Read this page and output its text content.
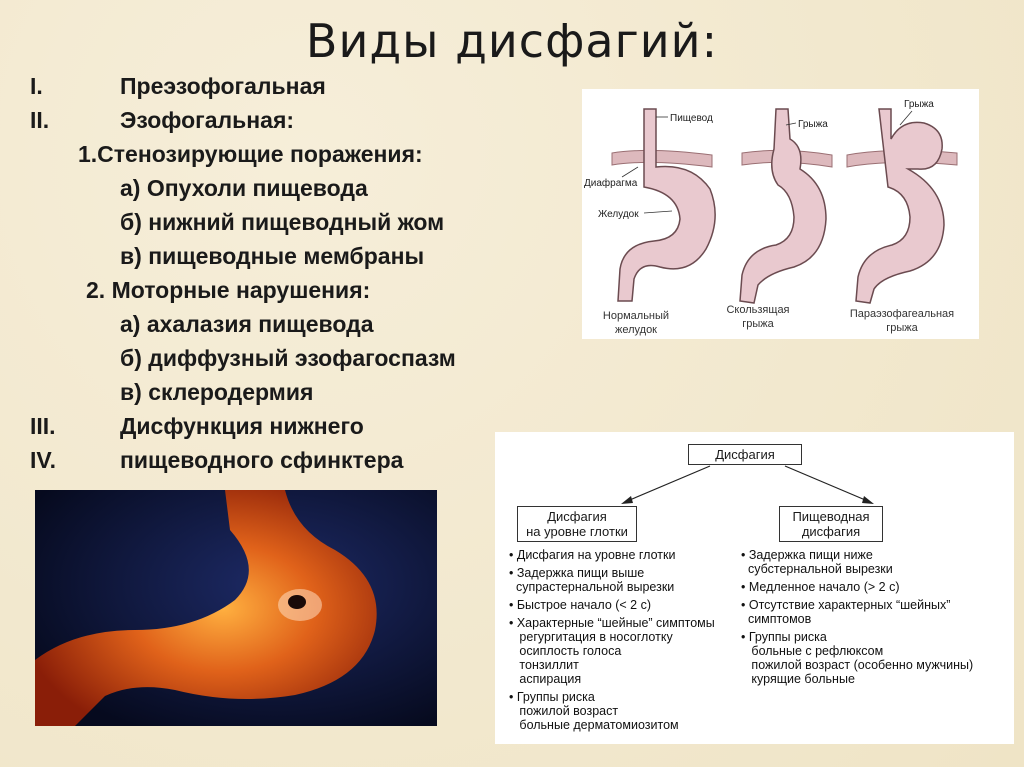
Виды дисфагий:
I.	Преэзофогальная
II.	Эзофогальная:
1.Стенозирующие поражения:
а) Опухоли пищевода
б) нижний пищеводный жом
в) пищеводные мембраны
2. Моторные нарушения:
а) ахалазия пищевода
б) диффузный эзофагоспазм
в) склеродермия
III.	Дисфункция нижнего
IV.	пищеводного сфинктера
Пищевод
Грыжа
Грыжа
Диафрагма
Желудок
Нормальный
желудок
Скользящая
грыжа
Параэзофагеальная
грыжа
Дисфагия
Дисфагия
на уровне глотки
Пищеводная
дисфагия
• Дисфагия на уровне глотки
• Задержка пищи выше
супрастернальной вырезки
• Быстрое начало (< 2 с)
• Характерные “шейные” симптомы
регургитация в носоглотку
осиплость голоса
тонзиллит
аспирация
• Группы риска
пожилой возраст
больные дерматомиозитом
• Задержка пищи ниже
субстернальной вырезки
• Медленное начало (> 2 с)
• Отсутствие характерных “шейных”
симптомов
• Группы риска
больные с рефлюксом
пожилой возраст (особенно мужчины)
курящие больные
